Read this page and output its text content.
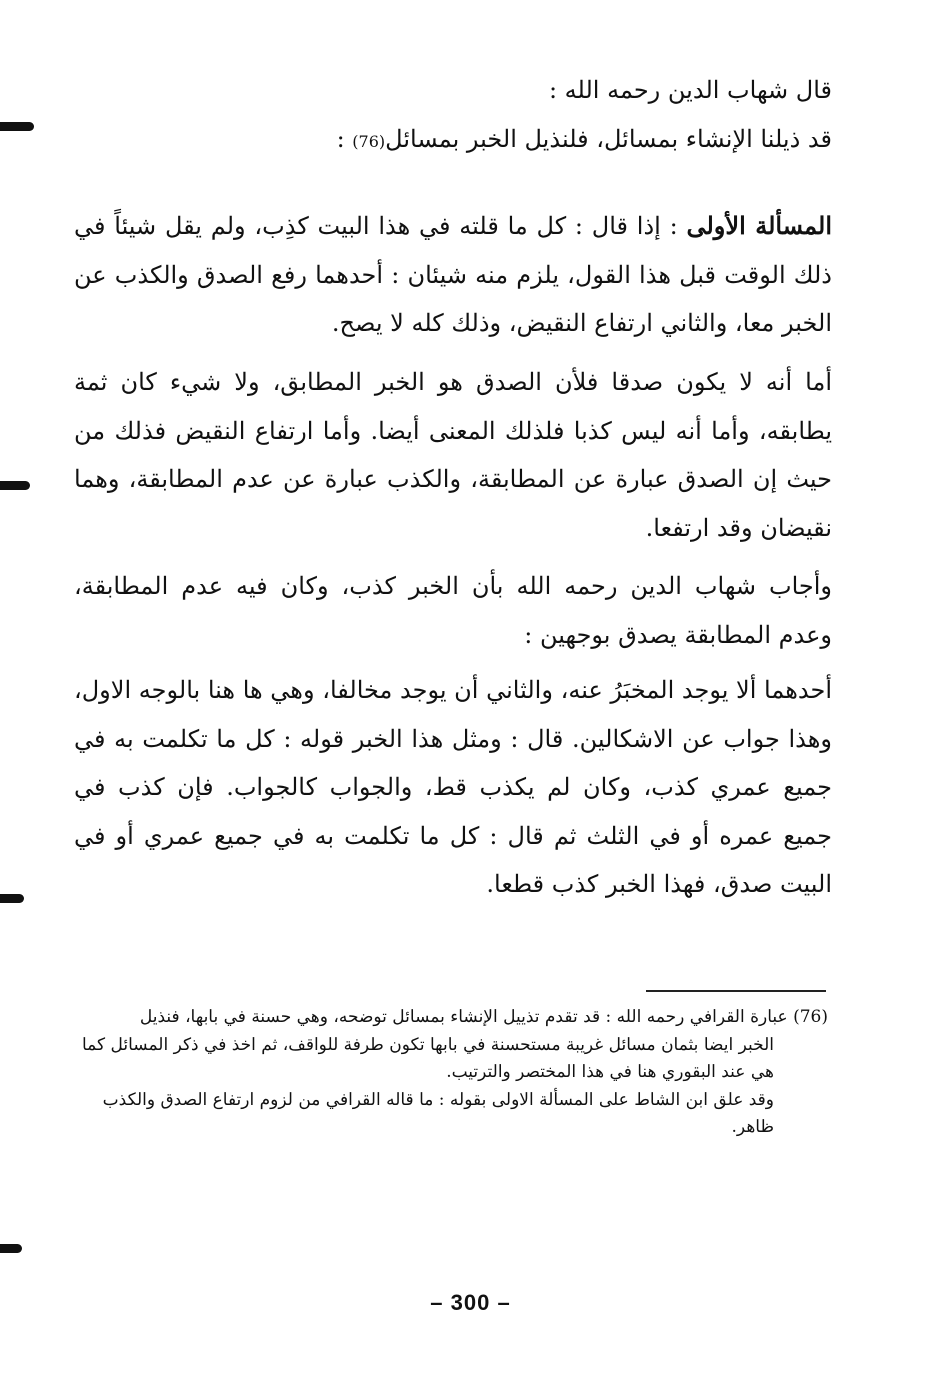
قال شهاب الدين رحمه الله :
قد ذيلنا الإنشاء بمسائل، فلنذيل الخبر بمسائل(76) :

المسألة الأولى : إذا قال : كل ما قلته في هذا البيت كذِب، ولم يقل شيئاً في ذلك الوقت قبل هذا القول، يلزم منه شيئان : أحدهما رفع الصدق والكذب عن الخبر معا، والثاني ارتفاع النقيض، وذلك كله لا يصح.

أما أنه لا يكون صدقا فلأن الصدق هو الخبر المطابق، ولا شيء كان ثمة يطابقه، وأما أنه ليس كذبا فلذلك المعنى أيضا. وأما ارتفاع النقيض فذلك من حيث إن الصدق عبارة عن المطابقة، والكذب عبارة عن عدم المطابقة، وهما نقيضان وقد ارتفعا.

وأجاب شهاب الدين رحمه الله بأن الخبر كذب، وكان فيه عدم المطابقة، وعدم المطابقة يصدق بوجهين :

أحدهما ألا يوجد المخبَرُ عنه، والثاني أن يوجد مخالفا، وهي ها هنا بالوجه الاول، وهذا جواب عن الاشكالين. قال : ومثل هذا الخبر قوله : كل ما تكلمت به في جميع عمري كذب، وكان لم يكذب قط، والجواب كالجواب. فإن كذب في جميع عمره أو في الثلث ثم قال : كل ما تكلمت به في جميع عمري أو في البيت صدق، فهذا الخبر كذب قطعا.

(76) عبارة القرافي رحمه الله : قد تقدم تذييل الإنشاء بمسائل توضحه، وهي حسنة في بابها، فنذيل
الخبر ايضا بثمان مسائل غريبة مستحسنة في بابها تكون طرفة للواقف، ثم اخذ في ذكر المسائل كما
هي عند البقوري هنا في هذا المختصر والترتيب.
وقد علق ابن الشاط على المسألة الاولى بقوله : ما قاله القرافي من لزوم ارتفاع الصدق والكذب
ظاهر.
– 300 –
